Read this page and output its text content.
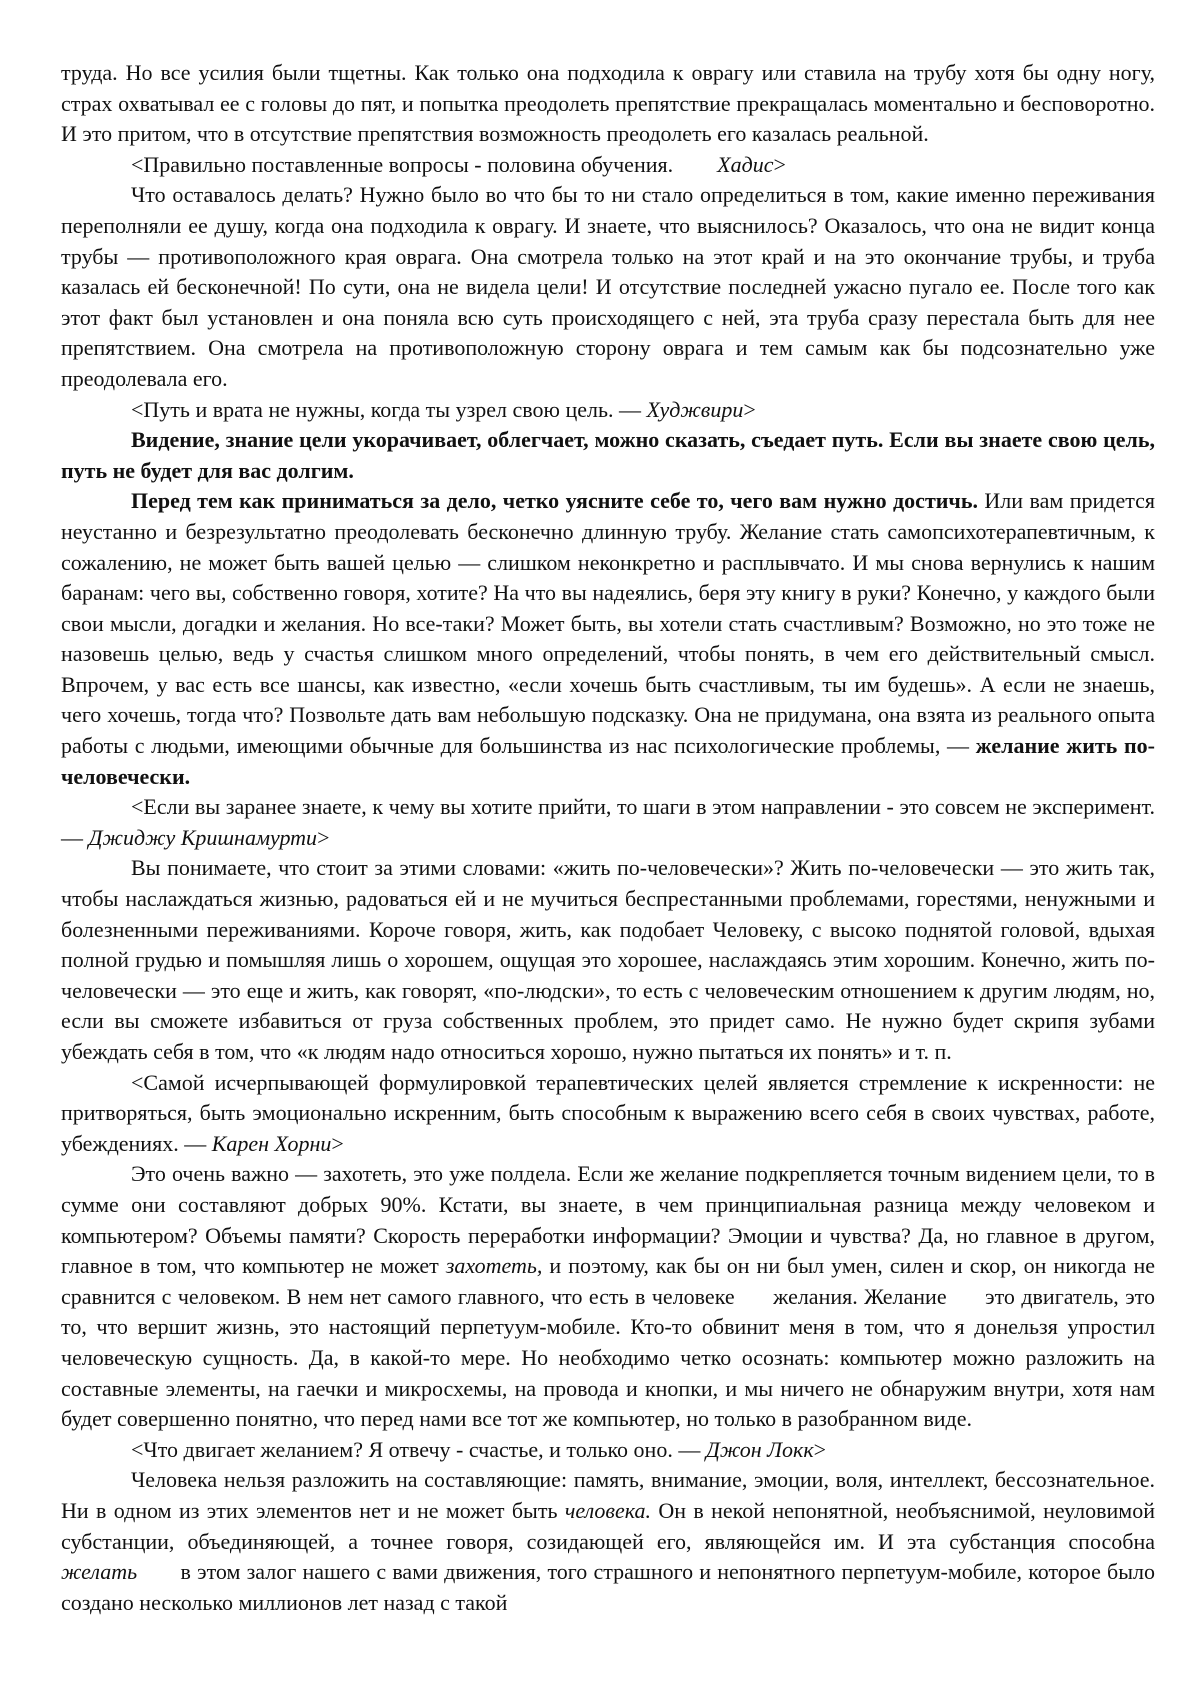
труда. Но все усилия были тщетны. Как только она подходила к оврагу или ставила на трубу хотя бы одну ногу, страх охватывал ее с головы до пят, и попытка преодолеть препятствие прекращалась моментально и бесповоротно. И это притом, что в отсутствие препятствия возможность преодолеть его казалась реальной.

<Правильно поставленные вопросы - половина обучения.        Хадис>

Что оставалось делать? Нужно было во что бы то ни стало определиться в том, какие именно переживания переполняли ее душу, когда она подходила к оврагу. И знаете, что выяснилось? Оказалось, что она не видит конца трубы — противоположного края оврага. Она смотрела только на этот край и на это окончание трубы, и труба казалась ей бесконечной! По сути, она не видела цели! И отсутствие последней ужасно пугало ее. После того как этот факт был установлен и она поняла всю суть происходящего с ней, эта труба сразу перестала быть для нее препятствием. Она смотрела на противоположную сторону оврага и тем самым как бы подсознательно уже преодолевала его.

<Путь и врата не нужны, когда ты узрел свою цель. — Худжвири>

Видение, знание цели укорачивает, облегчает, можно сказать, съедает путь. Если вы знаете свою цель, путь не будет для вас долгим.

Перед тем как приниматься за дело, четко уясните себе то, чего вам нужно достичь. Или вам придется неустанно и безрезультатно преодолевать бесконечно длинную трубу. Желание стать самопсихотерапевтичным, к сожалению, не может быть вашей целью — слишком неконкретно и расплывчато. И мы снова вернулись к нашим баранам: чего вы, собственно говоря, хотите? На что вы надеялись, беря эту книгу в руки? Конечно, у каждого были свои мысли, догадки и желания. Но все-таки? Может быть, вы хотели стать счастливым? Возможно, но это тоже не назовешь целью, ведь у счастья слишком много определений, чтобы понять, в чем его действительный смысл. Впрочем, у вас есть все шансы, как известно, «если хочешь быть счастливым, ты им будешь». А если не знаешь, чего хочешь, тогда что? Позвольте дать вам небольшую подсказку. Она не придумана, она взята из реального опыта работы с людьми, имеющими обычные для большинства из нас психологические проблемы, — желание жить по-человечески.

<Если вы заранее знаете, к чему вы хотите прийти, то шаги в этом направлении - это совсем не эксперимент. — Джиджу Кришнамурти>

Вы понимаете, что стоит за этими словами: «жить по-человечески»? Жить по-человечески — это жить так, чтобы наслаждаться жизнью, радоваться ей и не мучиться беспрестанными проблемами, горестями, ненужными и болезненными переживаниями. Короче говоря, жить, как подобает Человеку, с высоко поднятой головой, вдыхая полной грудью и помышляя лишь о хорошем, ощущая это хорошее, наслаждаясь этим хорошим. Конечно, жить по-человечески — это еще и жить, как говорят, «по-людски», то есть с человеческим отношением к другим людям, но, если вы сможете избавиться от груза собственных проблем, это придет само. Не нужно будет скрипя зубами убеждать себя в том, что «к людям надо относиться хорошо, нужно пытаться их понять» и т. п.

<Самой исчерпывающей формулировкой терапевтических целей является стремление к искренности: не притворяться, быть эмоционально искренним, быть способным к выражению всего себя в своих чувствах, работе, убеждениях. — Карен Хорни>

Это очень важно — захотеть, это уже полдела. Если же желание подкрепляется точным видением цели, то в сумме они составляют добрых 90%. Кстати, вы знаете, в чем принципиальная разница между человеком и компьютером? Объемы памяти? Скорость переработки информации? Эмоции и чувства? Да, но главное в другом, главное в том, что компьютер не может захотеть, и поэтому, как бы он ни был умен, силен и скор, он никогда не сравнится с человеком. В нем нет самого главного, что есть в человеке      желания. Желание      это двигатель, это то, что вершит жизнь, это настоящий перпетуум-мобиле. Кто-то обвинит меня в том, что я донельзя упростил человеческую сущность. Да, в какой-то мере. Но необходимо четко осознать: компьютер можно разложить на составные элементы, на гаечки и микросхемы, на провода и кнопки, и мы ничего не обнаружим внутри, хотя нам будет совершенно понятно, что перед нами все тот же компьютер, но только в разобранном виде.

<Что двигает желанием? Я отвечу - счастье, и только оно. — Джон Локк>

Человека нельзя разложить на составляющие: память, внимание, эмоции, воля, интеллект, бессознательное. Ни в одном из этих элементов нет и не может быть человека. Он в некой непонятной, необъяснимой, неуловимой субстанции, объединяющей, а точнее говоря, созидающей его, являющейся им. И эта субстанция способна желать       в этом залог нашего с вами движения, того страшного и непонятного перпетуум-мобиле, которое было создано несколько миллионов лет назад с такой
